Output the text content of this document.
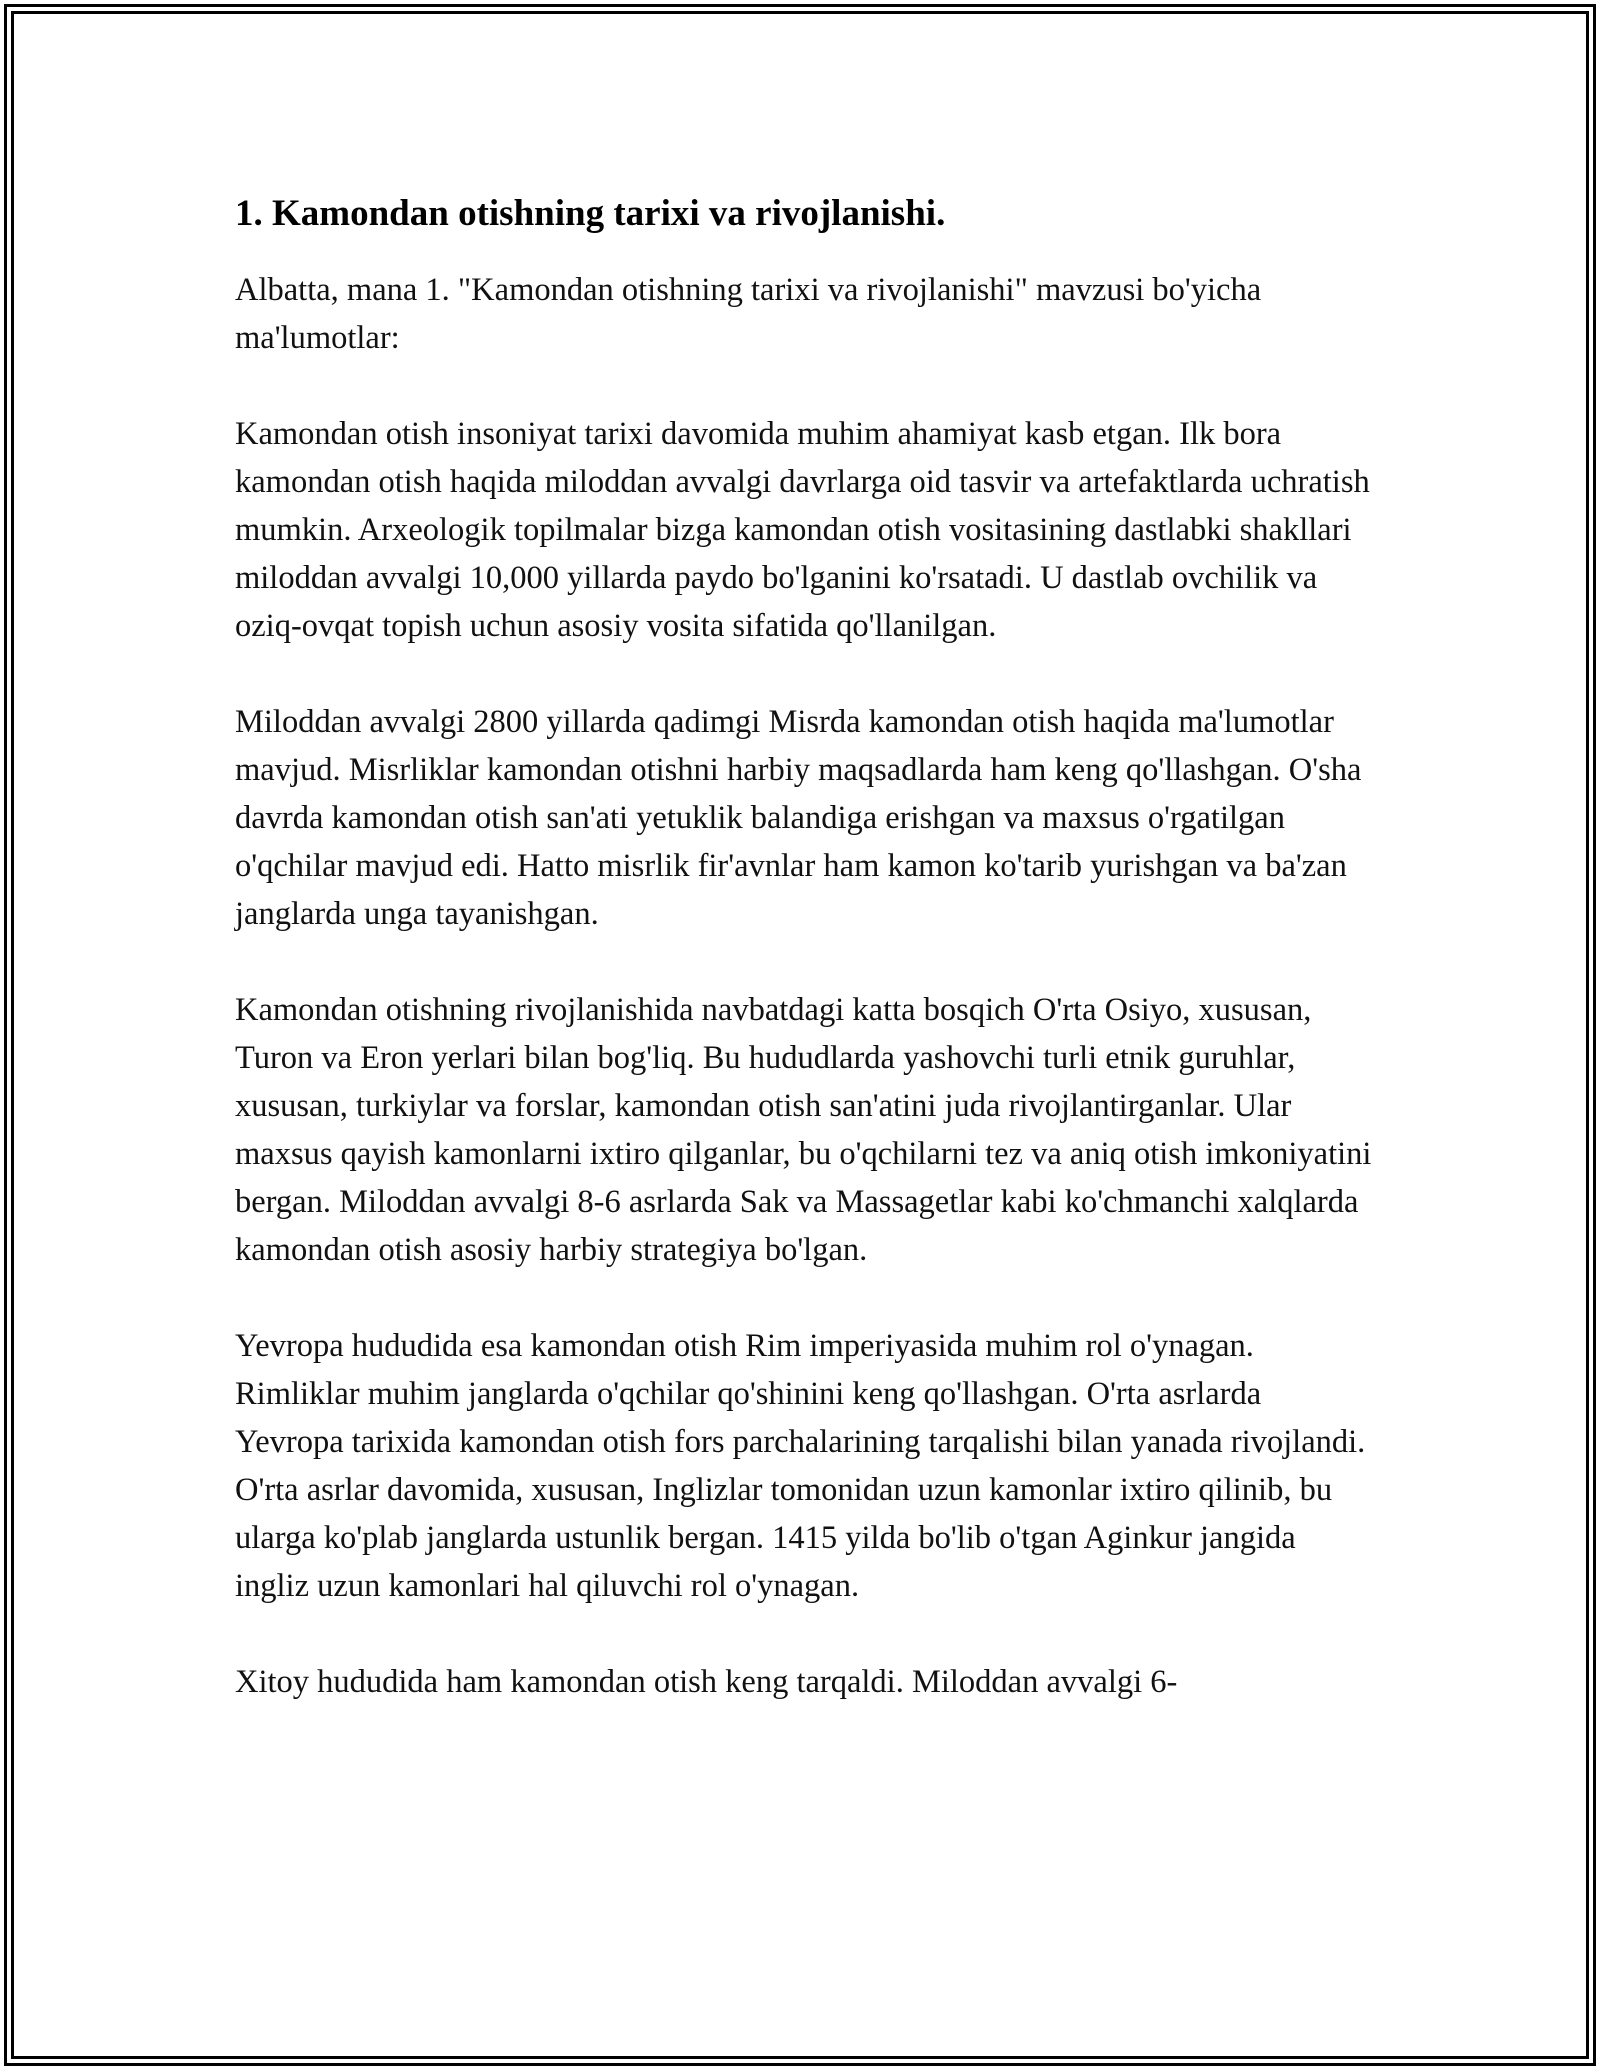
1. Kamondan otishning tarixi va rivojlanishi.

Albatta, mana 1. "Kamondan otishning tarixi va rivojlanishi" mavzusi bo'yicha ma'lumotlar:

Kamondan otish insoniyat tarixi davomida muhim ahamiyat kasb etgan. Ilk bora kamondan otish haqida miloddan avvalgi davrlarga oid tasvir va artefaktlarda uchratish mumkin. Arxeologik topilmalar bizga kamondan otish vositasining dastlabki shakllari miloddan avvalgi 10,000 yillarda paydo bo'lganini ko'rsatadi. U dastlab ovchilik va oziq-ovqat topish uchun asosiy vosita sifatida qo'llanilgan.

Miloddan avvalgi 2800 yillarda qadimgi Misrda kamondan otish haqida ma'lumotlar mavjud. Misrliklar kamondan otishni harbiy maqsadlarda ham keng qo'llashgan. O'sha davrda kamondan otish san'ati yetuklik balandiga erishgan va maxsus o'rgatilgan o'qchilar mavjud edi. Hatto misrlik fir'avnlar ham kamon ko'tarib yurishgan va ba'zan janglarda unga tayanishgan.

Kamondan otishning rivojlanishida navbatdagi katta bosqich O'rta Osiyo, xususan, Turon va Eron yerlari bilan bog'liq. Bu hududlarda yashovchi turli etnik guruhlar, xususan, turkiylar va forslar, kamondan otish san'atini juda rivojlantirganlar. Ular maxsus qayish kamonlarni ixtiro qilganlar, bu o'qchilarni tez va aniq otish imkoniyatini bergan. Miloddan avvalgi 8-6 asrlarda Sak va Massagetlar kabi ko'chmanchi xalqlarda kamondan otish asosiy harbiy strategiya bo'lgan.

Yevropa hududida esa kamondan otish Rim imperiyasida muhim rol o'ynagan. Rimliklar muhim janglarda o'qchilar qo'shinini keng qo'llashgan. O'rta asrlarda Yevropa tarixida kamondan otish fors parchalarining tarqalishi bilan yanada rivojlandi. O'rta asrlar davomida, xususan, Inglizlar tomonidan uzun kamonlar ixtiro qilinib, bu ularga ko'plab janglarda ustunlik bergan. 1415 yilda bo'lib o'tgan Aginkur jangida ingliz uzun kamonlari hal qiluvchi rol o'ynagan.

Xitoy hududida ham kamondan otish keng tarqaldi. Miloddan avvalgi 6-
